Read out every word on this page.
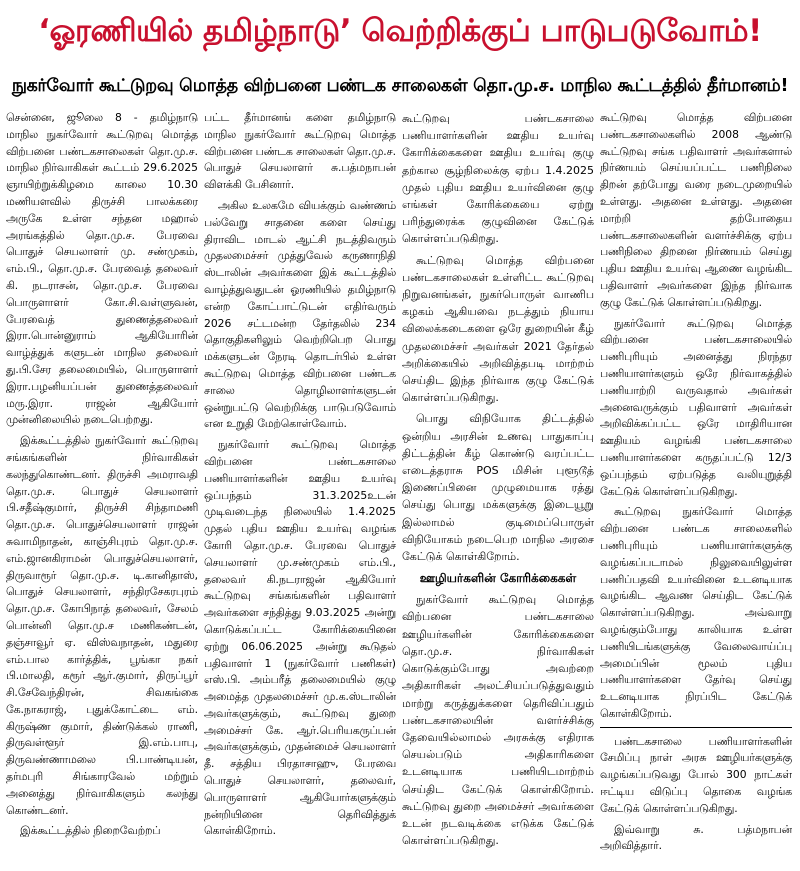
‘ஓரணியில் தமிழ்நாடு’ வெற்றிக்குப் பாடுபடுவோம்!
நுகர்வோர் கூட்டுறவு மொத்த விற்பனை பண்டக சாலைகள் தொ.மு.ச. மாநில கூட்டத்தில் தீர்மானம்!

சென்னை, ஜூலை 8 - தமிழ்நாடு மாநில நுகர்வோர் கூட்டுறவு மொத்த விற்பனை பண்டகசாலைகள் தொ.மு.ச. மாநில நிர்வாகிகள் கூட்டம் 29.6.2025 ஞாயிற்றுக்கிழமை காலை 10.30 மணியளவில் திருச்சி பாலக்கரை அருகே உள்ள சந்தன மஹால் அரங்கத்தில் தொ.மு.ச. பேரவை பொதுச் செயலாளர் மு. சண்முகம், எம்.பி., தொ.மு.ச. பேரவைத் தலைவர் கி. நடராசன், தொ.மு.ச. பேரவை பொருளாளர் கோ.சி.வள்ளுவன், பேரவைத் துணைத்தலைவர் இரா.பொன்னுராம் ஆகியோரின் வாழ்த்துக் களுடன் மாநில தலைவர் து.பி.சேர தலைமையில், பொருளாளர் இரா.பழனியப்பன் துணைத்தலைவர் மரு.இரா. ராஜன் ஆகியோர் முன்னிலையில் நடைபெற்றது.

இக்கூட்டத்தில் நுகர்வோர் கூட்டுறவு சங்கங்களின் நிர்வாகிகள் கலந்துகொண்டனர். திருச்சி அமராவதி தொ.மு.ச. பொதுச் செயலாளர் பி.சதீஷ்குமார், திருச்சி சிந்தாமணி தொ.மு.ச. பொதுச்செயலாளர் ராஜன் சுவாமிநாதன், காஞ்சிபுரம் தொ.மு.ச. எம்.ஜானகிராமன் பொதுச்செயலாளர், திருவாரூர் தொ.மு.ச. டி.கானிதாஸ், பொதுச் செயலாளர், சந்திரசேகரபுரம் தொ.மு.ச. கோபிநாத் தலைவர், சேலம் பொன்னி தொ.மு.ச மணிகண்டன், தஞ்சாவூர் ஏ. விஸ்வநாதன், மதுரை எம்.பால கார்த்திக், பூங்கா நகர் பி.மாலதி, கரூர் ஆர்.குமார், திருப்பூர் சி.சேவேந்திரன், சிவகங்கை கே.நாகராஜ், புதுக்கோட்டை எம். கிருஷ்ண குமார், திண்டுக்கல் ராணி, திருவள்ளூர் இ.எம்.பாபு, திருவண்ணாமலை பி.பாண்டியன், தர்மபுரி சிங்காரவேல் மற்றும் அனைத்து நிர்வாகிகளும் கலந்து கொண்டனர்.

இக்கூட்டத்தில் நிறைவேற்றப்

பட்ட தீர்மானங் களை தமிழ்நாடு மாநில நுகர்வோர் கூட்டுறவு மொத்த விற்பனை பண்டக சாலைகள் தொ.மு.ச. பொதுச் செயலாளர் சு.பத்மநாபன் விளக்கி பேசினார்.

அகில உலகமே வியக்கும் வண்ணம் பல்வேறு சாதனை களை செய்து திராவிட மாடல் ஆட்சி நடத்திவரும் முதலமைச்சர் முத்துவேல் கருணாநிதி ஸ்டாலின் அவர்களை இக் கூட்டத்தில் வாழ்த்துவதுடன் ஓரணியில் தமிழ்நாடு என்ற கோட்பாட்டுடன் எதிர்வரும் 2026 சட்டமன்ற தேர்தலில் 234 தொகுதிகளிலும் வெற்றிபெற பொது மக்களுடன் நேரடி தொடர்பில் உள்ள கூட்டுறவு மொத்த விற்பனை பண்டக சாலை தொழிலாளர்களுடன் ஒன்றுபட்டு வெற்றிக்கு பாடுபடுவோம் என உறுதி மேற்கொள்வோம்.

நுகர்வோர் கூட்டுறவு மொத்த விற்பனை பண்டகசாலை பணியாளர்களின் ஊதிய உயர்வு ஒப்பந்தம் 31.3.2025உடன் முடிவடைந்த நிலையில் 1.4.2025 முதல் புதிய ஊதிய உயர்வு வழங்க கோரி தொ.மு.ச. பேரவை பொதுச் செயலாளர் மு.சண்முகம் எம்.பி., தலைவர் கி.நடராஜன் ஆகியோர் கூட்டுறவு சங்கங்களின் பதிவாளர் அவர்களை சந்தித்து 9.03.2025 அன்று கொடுக்கப்பட்ட கோரிக்கையினை ஏற்று 06.06.2025 அன்று கூடுதல் பதிவாளர் 1 (நுகர்வோர் பணிகள்) எஸ்.பி. அம்பரீத் தலைமையில் குழு அமைத்த முதலமைச்சர் மு.க.ஸ்டாலின் அவர்களுக்கும், கூட்டுறவு துறை அமைச்சர் கே. ஆர்.பெரியகருப்பன் அவர்களுக்கும், முதன்மைச் செயலாளர் தீ. சத்திய பிரதாசாஹு, பேரவை பொதுச் செயலாளர், தலைவர், பொருளாளர் ஆகியோர்களுக்கும் நன்றியினை தெரிவித்துக் கொள்கிறோம்.

கூட்டுறவு பண்டகசாலை பணியாளர்களின் ஊதிய உயர்வு கோரிக்கைகளை ஊதிய உயர்வு குழு தற்கால சூழ்நிலைக்கு ஏற்ப 1.4.2025 முதல் புதிய ஊதிய உயர்வினை குழு எங்கள் கோரிக்கையை ஏற்று பரிந்துரைக்க குழுவினை கேட்டுக் கொள்ளப்படுகிறது.

கூட்டுறவு மொத்த விற்பனை பண்டகசாலைகள் உள்ளிட்ட கூட்டுறவு நிறுவனங்கள், நுகர்பொருள் வாணிப கழகம் ஆகியவை நடத்தும் நியாய விலைக்கடைகளை ஒரே துறையின் கீழ் முதலமைச்சர் அவர்கள் 2021 தேர்தல் அறிக்கையில் அறிவித்தபடி மாற்றம் செய்திட இந்த நிர்வாக குழு கேட்டுக் கொள்ளப்படுகிறது.

பொது விநியோக திட்டத்தில் ஒன்றிய அரசின் உணவு பாதுகாப்பு திட்டத்தின் கீழ் கொண்டு வரப்பட்ட எடைத்தராசு POS மிசின் புளூடூத் இணைப்பினை முழுமையாக ரத்து செய்து பொது மக்களுக்கு இடையூறு இல்லாமல் குடிமைப்பொருள் விநியோகம் நடைபெற மாநில அரசை கேட்டுக் கொள்கிறோம்.

ஊழியர்களின் கோரிக்கைகள்

நுகர்வோர் கூட்டுறவு மொத்த விற்பனை பண்டகசாலை ஊழியர்களின் கோரிக்கைகளை தொ.மு.ச. நிர்வாகிகள் கொடுக்கும்போது அவற்றை அதிகாரிகள் அலட்சியப்படுத்துவதும் மாற்று கருத்துக்களை தெரிவிப்பதும் பண்டகசாலையின் வளர்ச்சிக்கு தேவையில்லாமல் அரசுக்கு எதிராக செயல்படும் அதிகாரிகளை உடனடியாக பணியிடமாற்றம் செய்திட கேட்டுக் கொள்கிறோம். கூட்டுறவு துறை அமைச்சர் அவர்களை உடன் நடவடிக்கை எடுக்க கேட்டுக் கொள்ளப்படுகிறது.

கூட்டுறவு மொத்த விற்பனை பண்டகசாலைகளில் 2008 ஆண்டு கூட்டுறவு சங்க பதிவாளர் அவர்களால் நிர்ணயம் செய்யப்பட்ட பணிநிலை திறன் தற்போது வரை நடைமுறையில் உள்ளது. அதனை உள்ளது. அதனை மாற்றி தற்போதைய பண்டகசாலைகளின் வளர்ச்சிக்கு ஏற்ப பணிநிலை திறனை நிர்ணயம் செய்து புதிய ஊதிய உயர்வு ஆணை வழங்கிட பதிவாளர் அவர்களை இந்த நிர்வாக குழு கேட்டுக் கொள்ளப்படுகிறது.

நுகர்வோர் கூட்டுறவு மொத்த விற்பனை பண்டகசாலையில் பணிபுரியும் அனைத்து நிரந்தர பணியாளர்களும் ஒரே நிர்வாகத்தில் பணியாற்றி வருவதால் அவர்கள் அனைவருக்கும் பதிவாளர் அவர்கள் அறிவிக்கப்பட்ட ஒரே மாதிரியான ஊதியம் வழங்கி பண்டகசாலை பணியாளர்களை கருதப்பட்டு 12/3 ஒப்பந்தம் ஏற்படுத்த வலியுறுத்தி கேட்டுக் கொள்ளப்படுகிறது.

கூட்டுறவு நுகர்வோர் மொத்த விற்பனை பண்டக சாலைகளில் பணிபுரியும் பணியாளர்களுக்கு வழங்கப்படாமல் நிலுவையிலுள்ள பணிப்பதவி உயர்வினை உடனடியாக வழங்கிட ஆவண செய்திட கேட்டுக் கொள்ளப்படுகிறது. அவ்வாறு வழங்கும்போது காலியாக உள்ள பணியிடங்களுக்கு வேலைவாய்ப்பு அமைப்பின் மூலம் புதிய பணியாளர்களை தேர்வு செய்து உடனடியாக நிரப்பிட கேட்டுக் கொள்கிறோம்.

பண்டகசாலை பணியாளர்களின் சேமிப்பு நாள் அரசு ஊழியர்களுக்கு வழங்கப்படுவது போல் 300 நாட்கள் ஈட்டிய விடுப்பு தொகை வழங்க கேட்டுக் கொள்ளப்படுகிறது.

இவ்வாறு சு. பத்மநாபன் அறிவித்தார்.
